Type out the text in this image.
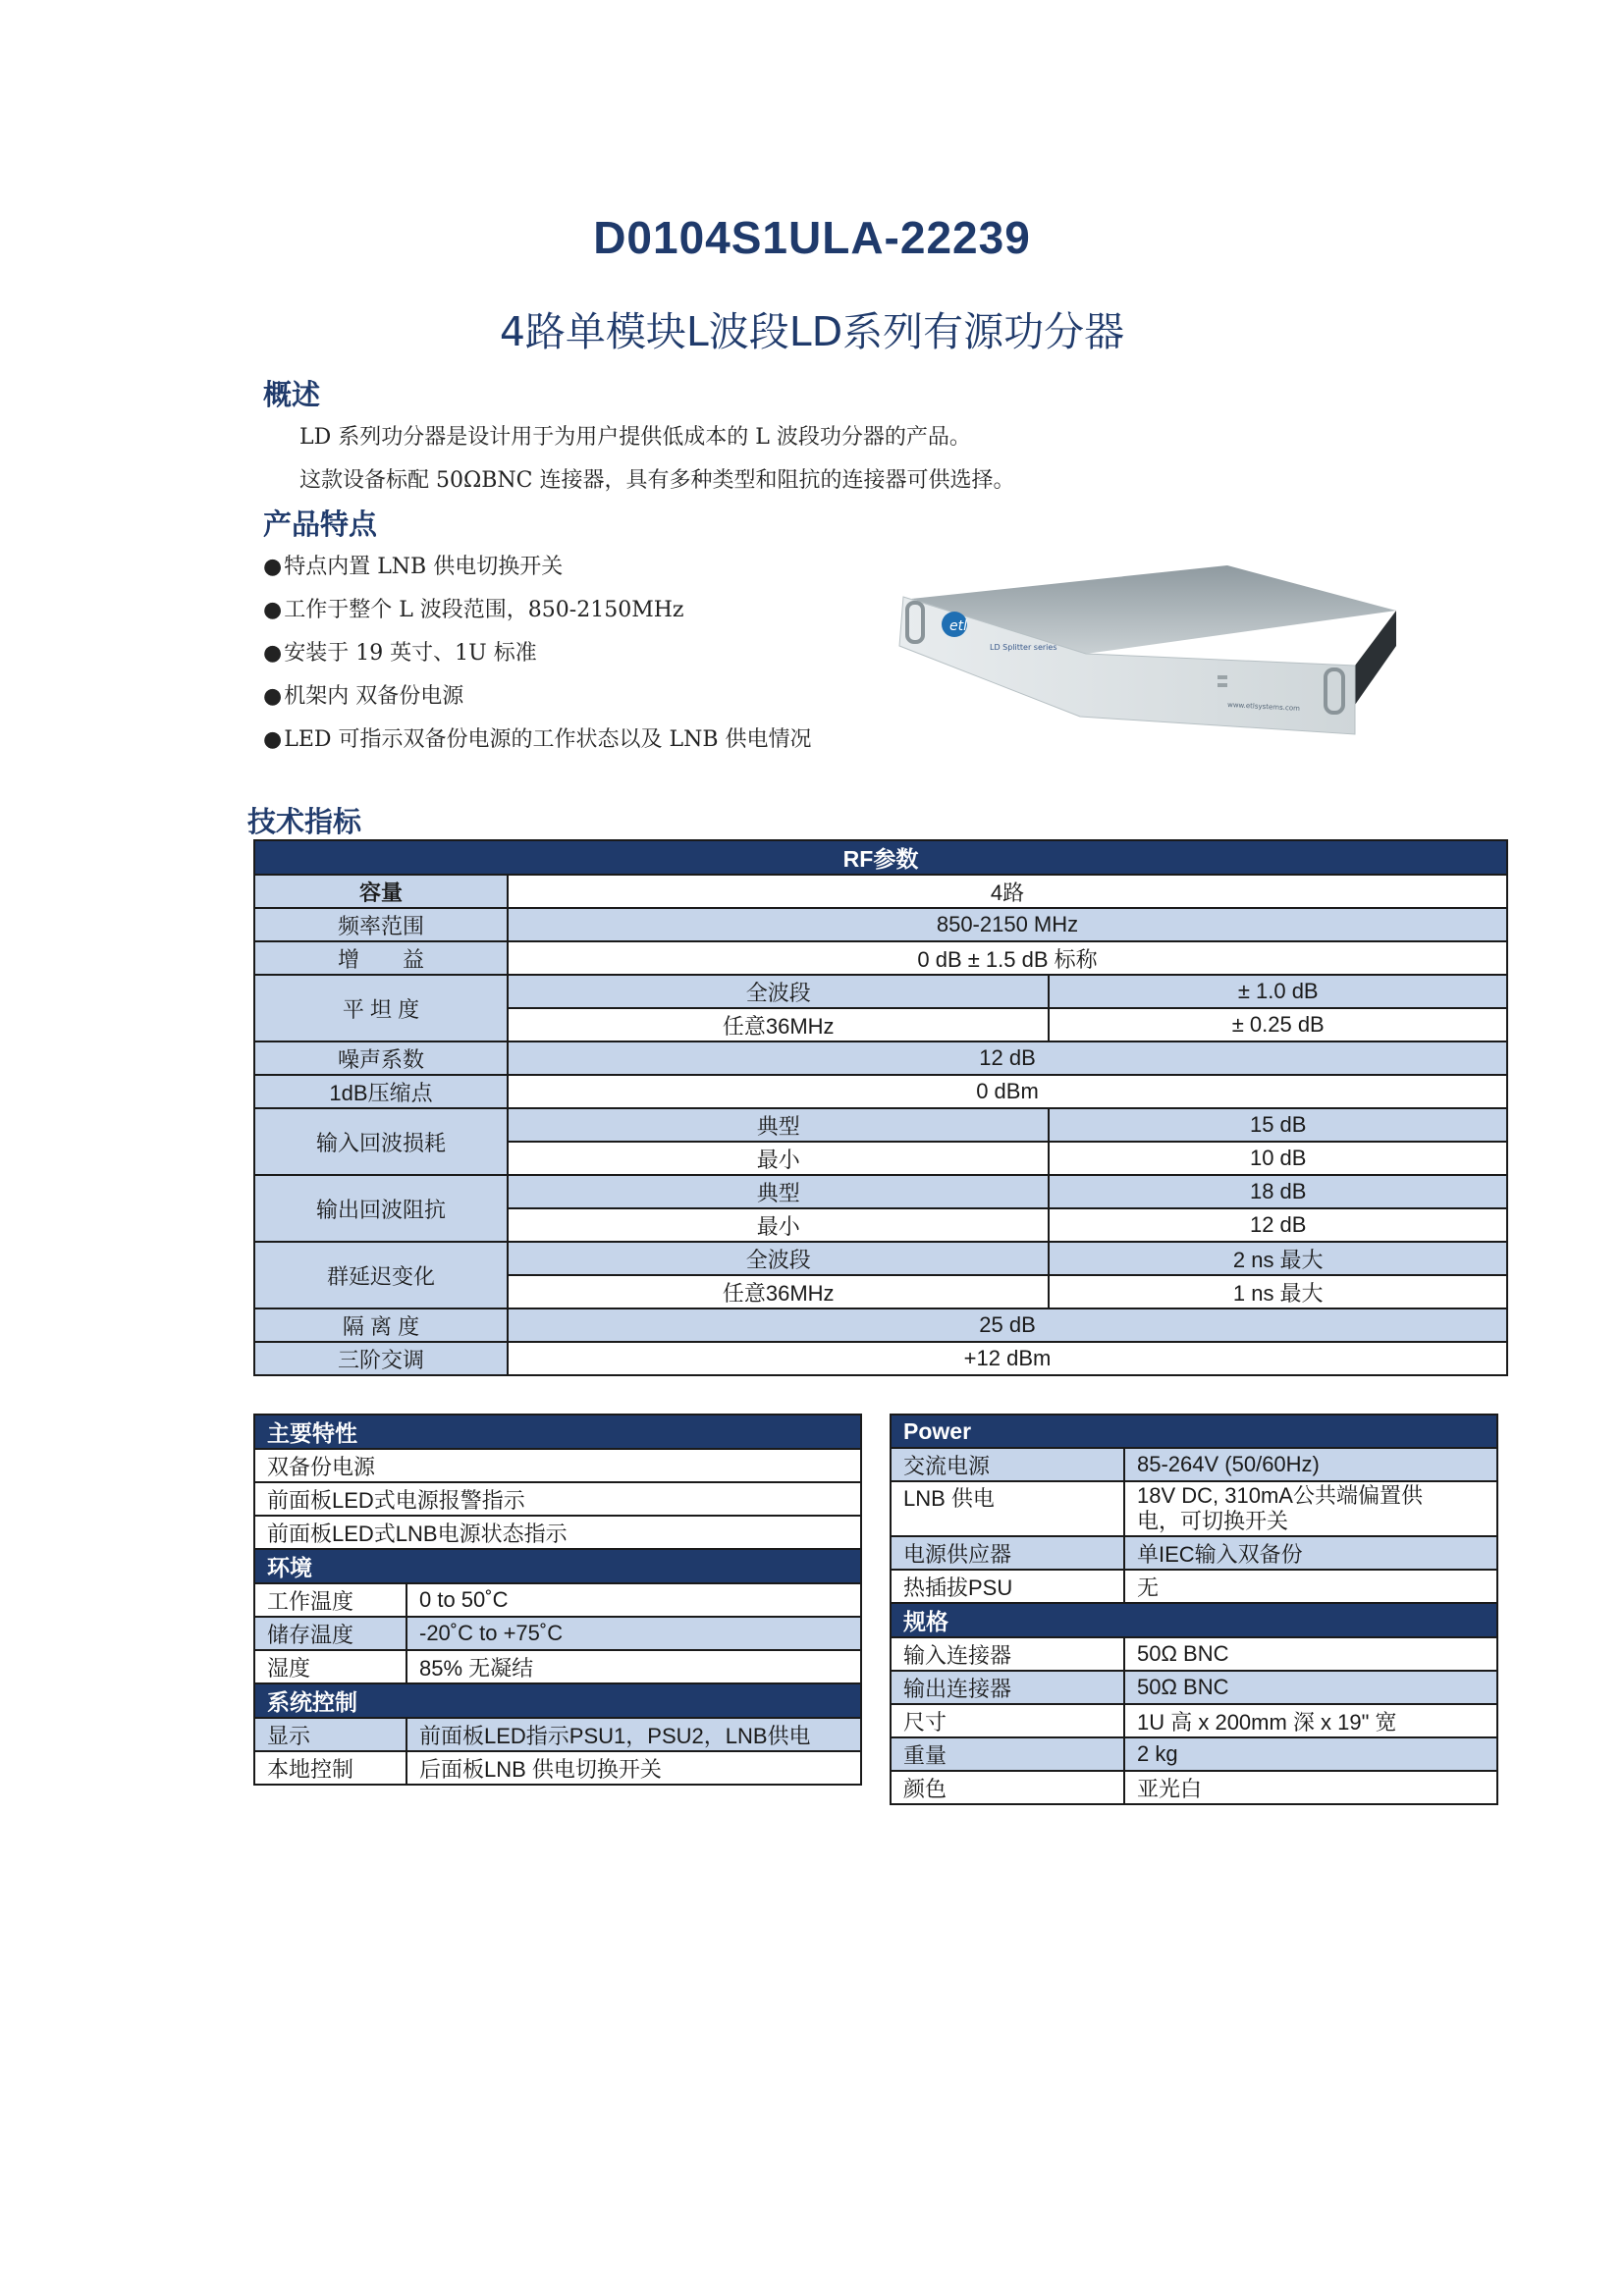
D0104S1ULA-22239
4路单模块L波段LD系列有源功分器
概述
LD 系列功分器是设计用于为用户提供低成本的 L 波段功分器的产品。
这款设备标配 50ΩBNC 连接器，具有多种类型和阻抗的连接器可供选择。
产品特点
●特点内置 LNB 供电切换开关
●工作于整个 L 波段范围，850-2150MHz
●安装于 19 英寸、1U 标准
●机架内 双备份电源
●LED 可指示双备份电源的工作状态以及 LNB 供电情况
etl
LD Splitter series
www.etlsystems.com
技术指标
RF参数		
容量	4路	
频率范围	850-2150 MHz	
增　　益	0 dB ± 1.5 dB 标称	
平 坦 度	全波段	± 1.0 dB
	任意36MHz	± 0.25 dB
噪声系数	12 dB	
1dB压缩点	0 dBm	
输入回波损耗	典型	15 dB
	最小	10 dB
输出回波阻抗	典型	18 dB
	最小	12 dB
群延迟变化	全波段	2 ns 最大
	任意36MHz	1 ns 最大
隔 离 度	25 dB	
三阶交调	+12 dBm	
主要特性	
双备份电源	
前面板LED式电源报警指示	
前面板LED式LNB电源状态指示	
环境	
工作温度	0 to 50˚C
储存温度	-20˚C to +75˚C
湿度	85% 无凝结
系统控制	
显示	前面板LED指示PSU1，PSU2，LNB供电
本地控制	后面板LNB 供电切换开关
Power	
交流电源	85-264V (50/60Hz)
LNB 供电	18V DC, 310mA公共端偏置供
电，可切换开关

电源供应器	单IEC输入双备份
热插拔PSU	无
规格	
输入连接器	50Ω BNC
输出连接器	50Ω BNC
尺寸	1U 高 x 200mm 深 x 19" 宽
重量	2 kg
颜色	亚光白
